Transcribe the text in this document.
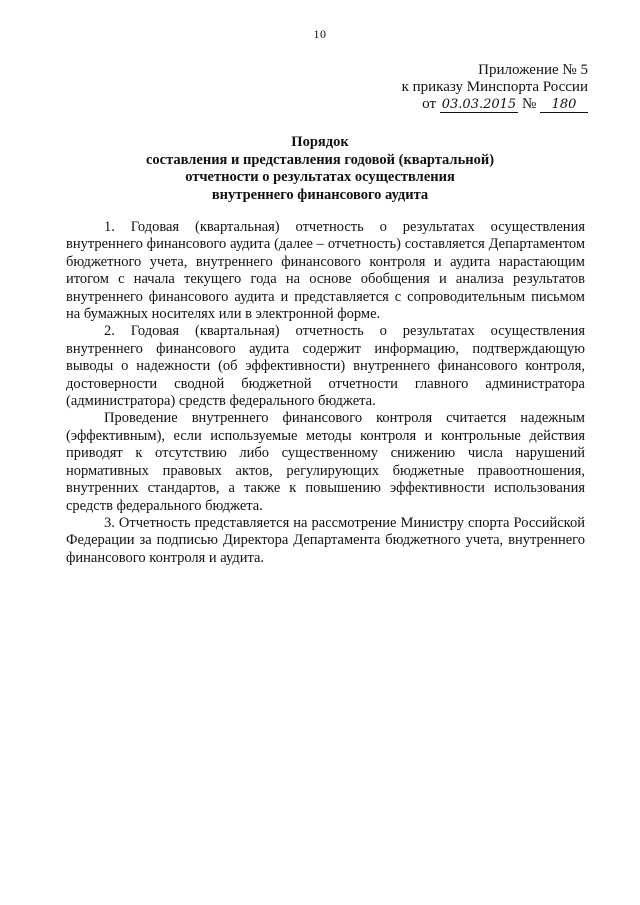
10
Приложение № 5
к приказу Минспорта России
от 03.03.2015 № 180
Порядок
составления и представления годовой (квартальной)
отчетности о результатах осуществления
внутреннего финансового аудита

1. Годовая (квартальная) отчетность о результатах осуществления внутреннего финансового аудита (далее – отчетность) составляется Департаментом бюджетного учета, внутреннего финансового контроля и аудита нарастающим итогом с начала текущего года на основе обобщения и анализа результатов внутреннего финансового аудита и представляется с сопроводительным письмом на бумажных носителях или в электронной форме.

2. Годовая (квартальная) отчетность о результатах осуществления внутреннего финансового аудита содержит информацию, подтверждающую выводы о надежности (об эффективности) внутреннего финансового контроля, достоверности сводной бюджетной отчетности главного администратора (администратора) средств федерального бюджета.

Проведение внутреннего финансового контроля считается надежным (эффективным), если используемые методы контроля и контрольные действия приводят к отсутствию либо существенному снижению числа нарушений нормативных правовых актов, регулирующих бюджетные правоотношения, внутренних стандартов, а также к повышению эффективности использования средств федерального бюджета.

3. Отчетность представляется на рассмотрение Министру спорта Российской Федерации за подписью Директора Департамента бюджетного учета, внутреннего финансового контроля и аудита.
